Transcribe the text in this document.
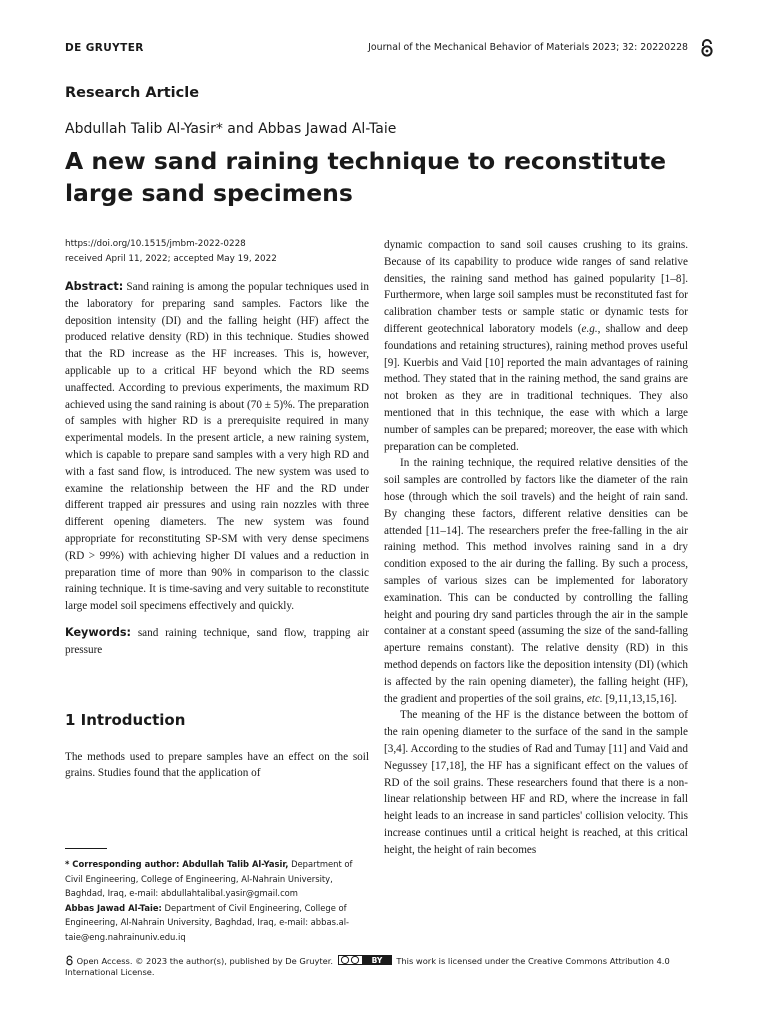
DE GRUYTER	Journal of the Mechanical Behavior of Materials 2023; 32: 20220228
Research Article
Abdullah Talib Al-Yasir* and Abbas Jawad Al-Taie
A new sand raining technique to reconstitute
large sand specimens
https://doi.org/10.1515/jmbm-2022-0228
received April 11, 2022; accepted May 19, 2022

Abstract: Sand raining is among the popular techniques used in the laboratory for preparing sand samples. Factors like the deposition intensity (DI) and the falling height (HF) affect the produced relative density (RD) in this technique. Studies showed that the RD increase as the HF increases. This is, however, applicable up to a critical HF beyond which the RD seems unaffected. According to previous experiments, the maximum RD achieved using the sand raining is about (70 ± 5)%. The preparation of samples with higher RD is a prerequisite required in many experimental models. In the present article, a new raining system, which is capable to prepare sand samples with a very high RD and with a fast sand flow, is introduced. The new system was used to examine the relationship between the HF and the RD under different trapped air pressures and using rain nozzles with three different opening diameters. The new system was found appropriate for reconstituting SP-SM with very dense specimens (RD > 99%) with achieving higher DI values and a reduction in preparation time of more than 90% in comparison to the classic raining technique. It is time-saving and very suitable to reconstitute large model soil specimens effectively and quickly.

Keywords: sand raining technique, sand flow, trapping air pressure

1 Introduction

The methods used to prepare samples have an effect on the soil grains. Studies found that the application of

dynamic compaction to sand soil causes crushing to its grains. Because of its capability to produce wide ranges of sand relative densities, the raining sand method has gained popularity [1–8]. Furthermore, when large soil samples must be reconstituted fast for calibration chamber tests or sample static or dynamic tests for different geotechnical laboratory models (e.g., shallow and deep foundations and retaining structures), raining method proves useful [9]. Kuerbis and Vaid [10] reported the main advantages of raining method. They stated that in the raining method, the sand grains are not broken as they are in traditional techniques. They also mentioned that in this technique, the ease with which a large number of samples can be prepared; moreover, the ease with which preparation can be completed.

In the raining technique, the required relative densities of the soil samples are controlled by factors like the diameter of the rain hose (through which the soil travels) and the height of rain sand. By changing these factors, different relative densities can be attended [11–14]. The researchers prefer the free-falling in the air raining method. This method involves raining sand in a dry condition exposed to the air during the falling. By such a process, samples of various sizes can be implemented for laboratory examination. This can be conducted by controlling the falling height and pouring dry sand particles through the air in the sample container at a constant speed (assuming the size of the sand-falling aperture remains constant). The relative density (RD) in this method depends on factors like the deposition intensity (DI) (which is affected by the rain opening diameter), the falling height (HF), the gradient and properties of the soil grains, etc. [9,11,13,15,16].

The meaning of the HF is the distance between the bottom of the rain opening diameter to the surface of the sand in the sample [3,4]. According to the studies of Rad and Tumay [11] and Vaid and Negussey [17,18], the HF has a significant effect on the values of RD of the soil grains. These researchers found that there is a non-linear relationship between HF and RD, where the increase in fall height leads to an increase in sand particles' collision velocity. This increase continues until a critical height is reached, at this critical height, the height of rain becomes

* Corresponding author: Abdullah Talib Al-Yasir, Department of Civil Engineering, College of Engineering, Al-Nahrain University, Baghdad, Iraq, e-mail: abdullahtalibal.yasir@gmail.com

Abbas Jawad Al-Taie: Department of Civil Engineering, College of Engineering, Al-Nahrain University, Baghdad, Iraq, e-mail: abbas.al-taie@eng.nahrainuniv.edu.iq

Open Access. © 2023 the author(s), published by De Gruyter.	BY This work is licensed under the Creative Commons Attribution 4.0 International License.
